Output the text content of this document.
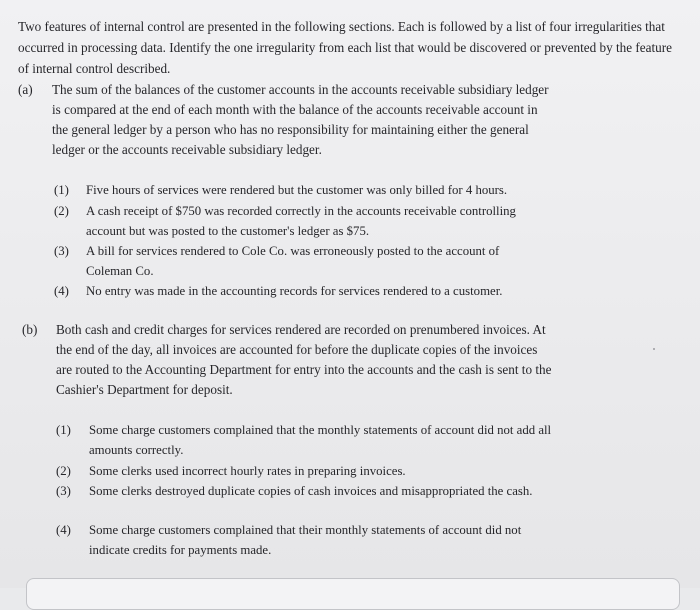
Two features of internal control are presented in the following sections. Each is followed by a list of four irregularities that occurred in processing data. Identify the one irregularity from each list that would be discovered or prevented by the feature of internal control described.

(a) The sum of the balances of the customer accounts in the accounts receivable subsidiary ledger is compared at the end of each month with the balance of the accounts receivable account in the general ledger by a person who has no responsibility for maintaining either the general ledger or the accounts receivable subsidiary ledger.

(1) Five hours of services were rendered but the customer was only billed for 4 hours.
(2) A cash receipt of $750 was recorded correctly in the accounts receivable controlling account but was posted to the customer's ledger as $75.
(3) A bill for services rendered to Cole Co. was erroneously posted to the account of Coleman Co.
(4) No entry was made in the accounting records for services rendered to a customer.
(b) Both cash and credit charges for services rendered are recorded on prenumbered invoices. At the end of the day, all invoices are accounted for before the duplicate copies of the invoices are routed to the Accounting Department for entry into the accounts and the cash is sent to the Cashier's Department for deposit.

(1) Some charge customers complained that the monthly statements of account did not add all amounts correctly.
(2) Some clerks used incorrect hourly rates in preparing invoices.
(3) Some clerks destroyed duplicate copies of cash invoices and misappropriated the cash.
(4) Some charge customers complained that their monthly statements of account did not indicate credits for payments made.
